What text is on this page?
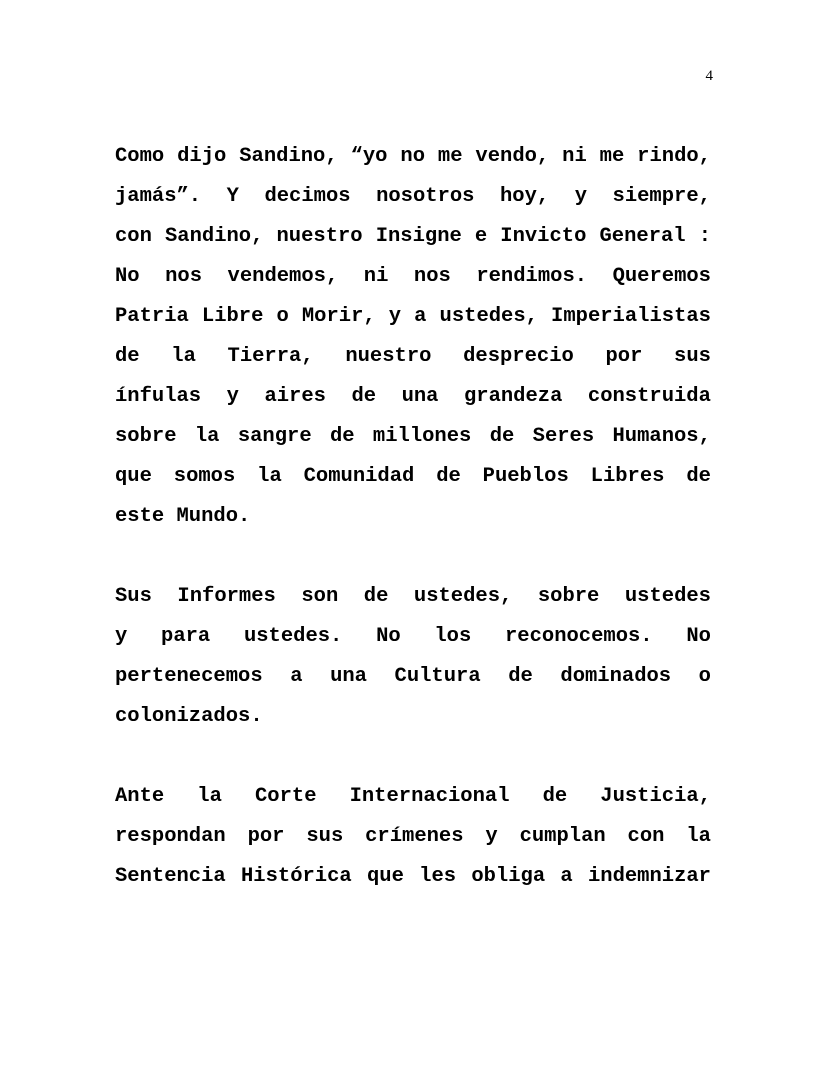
4
Como dijo Sandino, “yo no me vendo, ni me rindo,
jamás”. Y decimos nosotros hoy, y siempre,
con Sandino, nuestro Insigne e Invicto General :
No nos vendemos, ni nos rendimos. Queremos
Patria Libre o Morir, y a ustedes, Imperialistas
de la Tierra, nuestro desprecio por sus
ínfulas y aires de una grandeza construida
sobre la sangre de millones de Seres Humanos,
que somos la Comunidad de Pueblos Libres de
este Mundo.
Sus Informes son de ustedes, sobre ustedes
y para ustedes. No los reconocemos. No
pertenecemos a una Cultura de dominados o
colonizados.
Ante la Corte Internacional de Justicia,
respondan por sus crímenes y cumplan con la
Sentencia Histórica que les obliga a indemnizar
